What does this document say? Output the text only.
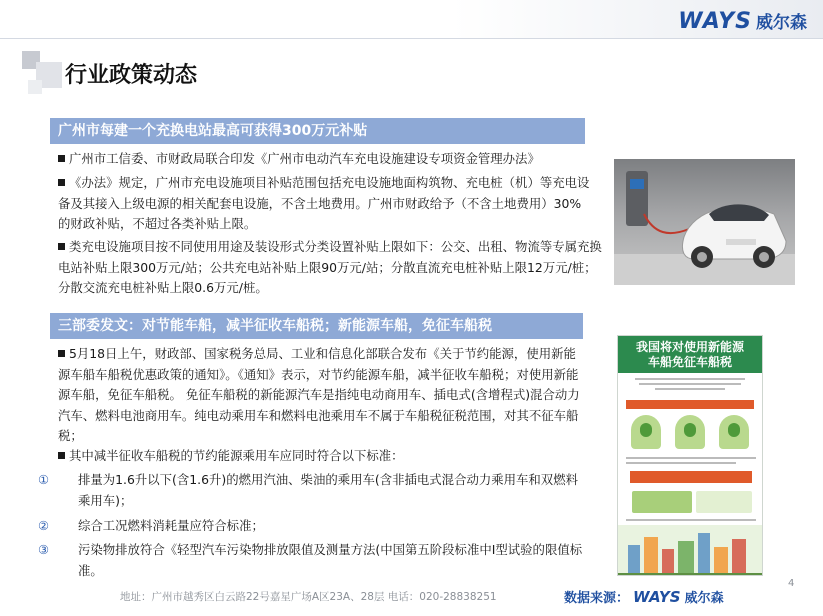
WAYS 威尔森
行业政策动态
广州市每建一个充换电站最高可获得300万元补贴
广州市工信委、市财政局联合印发《广州市电动汽车充电设施建设专项资金管理办法》
《办法》规定，广州市充电设施项目补贴范围包括充电设施地面构筑物、充电桩（机）等充电设备及其接入上级电源的相关配套电设施，不含土地费用。广州市财政给予（不含土地费用）30%的财政补贴，不超过各类补贴上限。
类充电设施项目按不同使用用途及装设形式分类设置补贴上限如下：公交、出租、物流等专属充换电站补贴上限300万元/站；公共充电站补贴上限90万元/站；分散直流充电桩补贴上限12万元/桩；分散交流充电桩补贴上限0.6万元/桩。
三部委发文：对节能车船，减半征收车船税；新能源车船，免征车船税
5月18日上午，财政部、国家税务总局、工业和信息化部联合发布《关于节约能源，使用新能源车船车船税优惠政策的通知》。《通知》表示，对节约能源车船，减半征收车船税；对使用新能源车船，免征车船税。 免征车船税的新能源汽车是指纯电动商用车、插电式(含增程式)混合动力汽车、燃料电池商用车。纯电动乘用车和燃料电池乘用车不属于车船税征税范围，对其不征车船税；
其中减半征收车船税的节约能源乘用车应同时符合以下标准：
① 排量为1.6升以下(含1.6升)的燃用汽油、柴油的乘用车(含非插电式混合动力乘用车和双燃料乘用车)；
② 综合工况燃料消耗量应符合标准；
③ 污染物排放符合《轻型汽车污染物排放限值及测量方法(中国第五阶段标准中I型试验的限值标准。
我国将对使用新能源
车船免征车船税
地址：广州市越秀区白云路22号嘉星广场A区23A、28层 电话：020-28838251	数据来源： WAYS 威尔森
4
